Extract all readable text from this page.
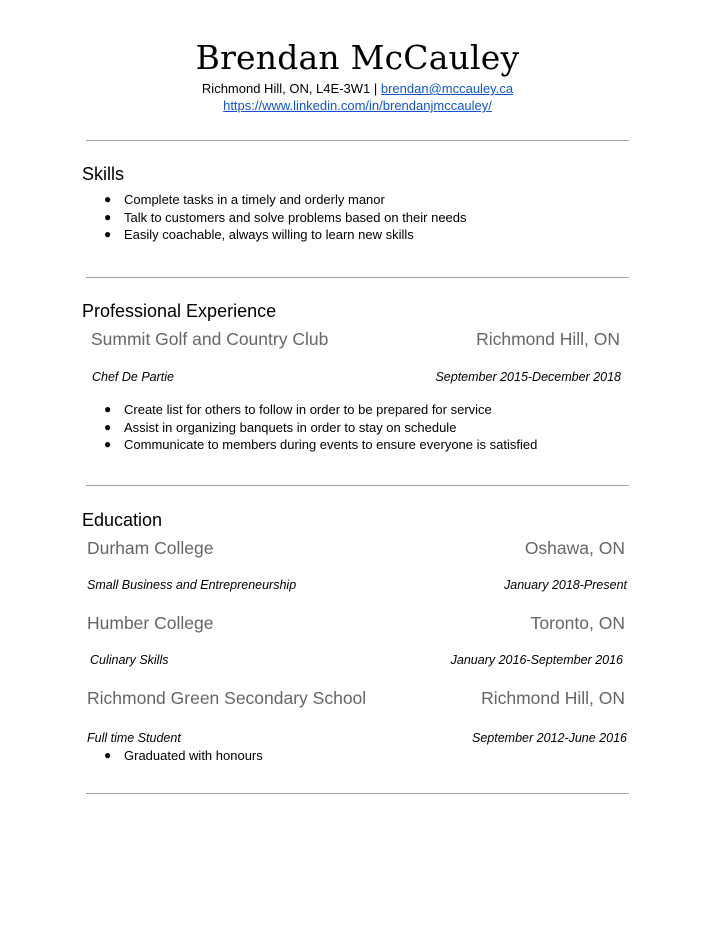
Brendan McCauley
Richmond Hill, ON, L4E-3W1 | brendan@mccauley.ca
https://www.linkedin.com/in/brendanjmccauley/
Skills
● Complete tasks in a timely and orderly manor
● Talk to customers and solve problems based on their needs
● Easily coachable, always willing to learn new skills
Professional Experience
Summit Golf and Country Club	Richmond Hill, ON
Chef De Partie	September 2015-December 2018
● Create list for others to follow in order to be prepared for service
● Assist in organizing banquets in order to stay on schedule
● Communicate to members during events to ensure everyone is satisfied
Education
Durham College	Oshawa, ON
Small Business and Entrepreneurship	January 2018-Present
Humber College	Toronto, ON
Culinary Skills	January 2016-September 2016
Richmond Green Secondary School	Richmond Hill, ON
Full time Student	September 2012-June 2016
● Graduated with honours
